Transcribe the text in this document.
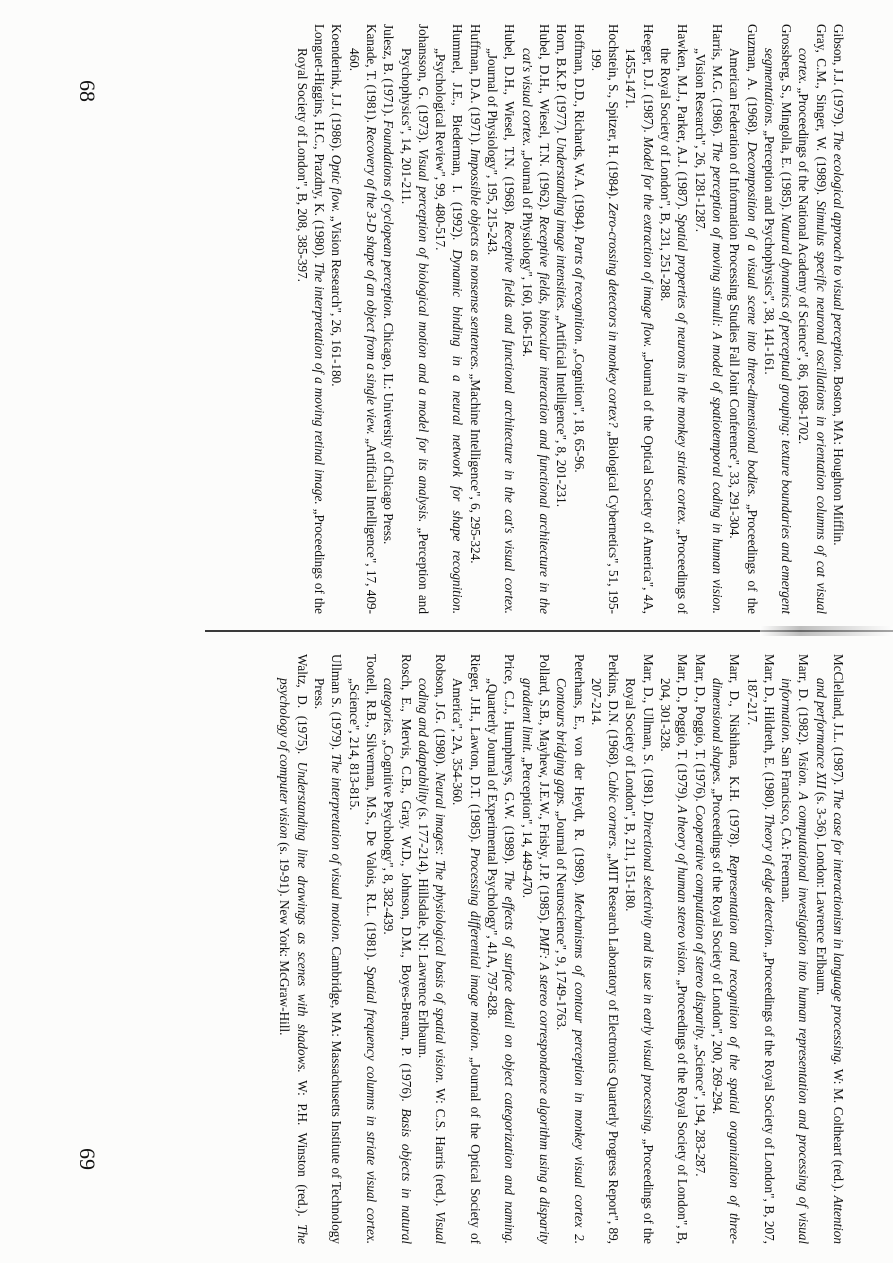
Gibson, J.J. (1979). The ecological approach to visual perception. Boston, MA: Houghton Mifflin.

Gray, C.M., Singer, W. (1989). Stimulus specific neuronal oscillations in orientation columns of cat visual cortex. „Proceedings of the National Academy of Science", 86, 1698-1702.

Grossberg, S., Mingolla, E. (1985). Natural dynamics of perceptual grouping: texture boundaries and emergent segmentations. „Perception and Psychophysics", 38, 141-161.

Guzman, A. (1968). Decomposition of a visual scene into three-dimensional bodies. „Proceedings of the American Federation of Information Processing Studies Fall Joint Conference", 33, 291-304.

Harris, M.G. (1986). The perception of moving stimuli: A model of spatiotemporal coding in human vision. „Vision Research", 26, 1281-1287.

Hawken, M.J., Parker, A.J. (1987). Spatial properties of neurons in the monkey striate cortex. „Proceedings of the Royal Society of London", B, 231, 251-288.

Heeger, D.J. (1987). Model for the extraction of image flow. „Journal of the Optical Society of America", 4A, 1455-1471.

Hochstein, S., Spitzer, H. (1984). Zero-crossing detectors in monkey cortex? „Biological Cybernetics", 51, 195-199.

Hoffman, D.D., Richards, W.A. (1984). Parts of recognition. „Cognition", 18, 65-96.

Horn, B.K.P. (1977). Understanding image intensities. „Artificial Intelligence", 8, 201-231.

Hubel, D.H., Wiesel, T.N. (1962). Receptive fields, binocular interaction and functional architecture in the cat's visual cortex. „Journal of Physiology", 160, 106-154.

Hubel, D.H., Wiesel, T.N. (1968). Receptive fields and functional architecture in the cat's visual cortex. „Journal of Physiology", 195, 215-243.

Huffman, D.A. (1971). Impossible objects as nonsense sentences. „Machine Intelligence", 6, 295-324.

Hummel, J.E., Biederman, I. (1992). Dynamic binding in a neural network for shape recognition. „Psychological Review", 99, 480-517.

Johansson, G. (1973). Visual perception of biological motion and a model for its analysis. „Perception and Psychophysics", 14, 201-211.

Julesz, B. (1971). Foundations of cyclopean perception. Chicago, IL: University of Chicago Press.

Kanade, T. (1981). Recovery of the 3-D shape of an object from a single view. „Artificial Intelligence", 17, 409-460.

Koenderink, J.J. (1986). Optic flow. „Vision Research", 26, 161-180.

Longuet-Higgins, H.C., Prazdny, K. (1980). The interpretation of a moving retinal image. „Proceedings of the Royal Society of London", B, 208, 385-397.

McClelland, J.L. (1987). The case for interactionism in language processing. W: M. Coltheart (red.). Attention and performance XII (s. 3-36). London: Lawrence Erlbaum.

Marr, D. (1982). Vision. A computational investigation into human representation and processing of visual information. San Francisco, CA: Freeman.

Marr, D., Hildreth, E. (1980). Theory of edge detection. „Proceedings of the Royal Society of London", B, 207, 187-217.

Marr, D., Nishihara, K.H. (1978). Representation and recognition of the spatial organization of three-dimensional shapes. „Proceedings of the Royal Society of London", 200, 269-294.

Marr, D., Poggio, T. (1976). Cooperative computation of stereo disparity. „Science", 194, 283-287.

Marr, D., Poggio, T. (1979). A theory of human stereo vision. „Proceedings of the Royal Society of London", B, 204, 301-328.

Marr, D., Ullman, S. (1981). Directional selectivity and its use in early visual processing. „Proceedings of the Royal Society of London", B, 211, 151-180.

Perkins, D.N. (1968). Cubic corners. „MIT Research Laboratory of Electronics Quarterly Progress Report", 89, 207-214.

Peterhans, E., von der Heydt, R. (1989). Mechanisms of contour perception in monkey visual cortex 2. Contours bridging gaps. „Journal of Neuroscience", 9, 1749-1763.

Pollard, S.B., Mayhew, J.E.W., Frisby, J.P. (1985). PMF: A stereo correspondence algorithm using a disparity gradient limit. „Perception", 14, 449-470.

Price, C.J., Humphreys, G.W. (1989). The effects of surface detail on object categorization and naming. „Quarterly Journal of Experimental Psychology", 41A, 797-828.

Rieger, J.H., Lawton, D.T. (1985). Processing differential image motion. „Journal of the Optical Society of America", 2A, 354-360.

Robson, J.G. (1980). Neural images: The physiological basis of spatial vision. W: C.S. Harris (red.). Visual coding and adaptability (s. 177-214). Hillsdale, NJ: Lawrence Erlbaum.

Rosch, E., Mervis, C.B., Gray, W.D., Johnson, D.M., Boyes-Bream, P. (1976). Basis objects in natural categories. „Cognitive Psychology", 8, 382-439.

Tootell, R.B., Silverman, M.S., De Valois, R.L. (1981). Spatial frequency columns in striate visual cortex. „Science", 214, 813-815.

Ullman S. (1979). The interpretation of visual motion. Cambridge, MA: Massachusetts Institute of Technology Press.

Waltz, D. (1975). Understanding line drawings as scenes with shadows. W: P.H. Winston (red.). The psychology of computer vision (s. 19-91). New York: McGraw-Hill.

68
69
